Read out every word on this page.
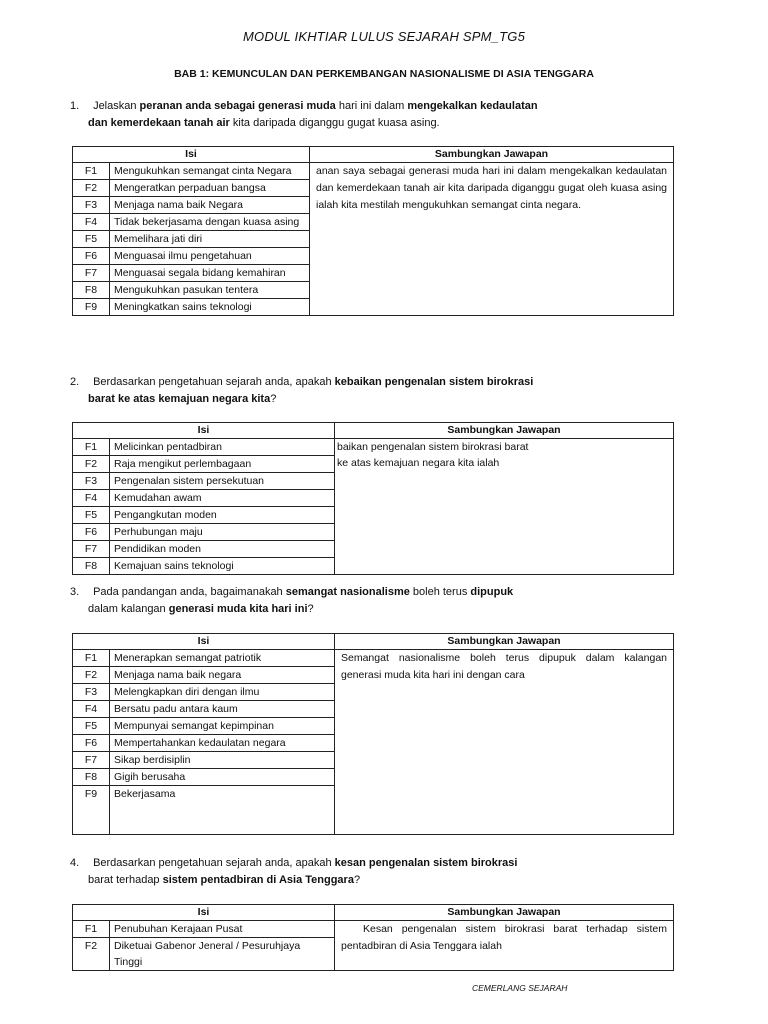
MODUL IKHTIAR LULUS SEJARAH SPM_TG5
BAB 1: KEMUNCULAN DAN PERKEMBANGAN NASIONALISME DI ASIA TENGGARA
1. Jelaskan peranan anda sebagai generasi muda hari ini dalam mengekalkan kedaulatan
dan kemerdekaan tanah air kita daripada diganggu gugat kuasa asing.
Isi		Sambungkan Jawapan
F1	Mengukuhkan semangat cinta Negara	anan saya sebagai generasi muda hari ini dalam mengekalkan kedaulatan dan kemerdekaan tanah air kita daripada diganggu gugat oleh kuasa asing ialah kita mestilah mengukuhkan semangat cinta negara.

F2	Mengeratkan perpaduan bangsa	
F3	Menjaga nama baik Negara	
F4	Tidak bekerjasama dengan kuasa asing	
F5	Memelihara jati diri	
F6	Menguasai ilmu pengetahuan	
F7	Menguasai segala bidang kemahiran	
F8	Mengukuhkan pasukan tentera	
F9	Meningkatkan sains teknologi	
2. Berdasarkan pengetahuan sejarah anda, apakah kebaikan pengenalan sistem birokrasi
barat ke atas kemajuan negara kita?
Isi		Sambungkan Jawapan
F1	Melicinkan pentadbiran	baikan pengenalan sistem birokrasi barat
ke atas kemajuan negara kita ialah

F2	Raja mengikut perlembagaan	
F3	Pengenalan sistem persekutuan	
F4	Kemudahan awam	
F5	Pengangkutan moden	
F6	Perhubungan maju	
F7	Pendidikan moden	
F8	Kemajuan sains teknologi	
3. Pada pandangan anda, bagaimanakah semangat nasionalisme boleh terus dipupuk
dalam kalangan generasi muda kita hari ini?
Isi		Sambungkan Jawapan
F1	Menerapkan semangat patriotik	Semangat nasionalisme boleh terus dipupuk dalam kalangan generasi muda kita hari ini dengan cara

F2	Menjaga nama baik negara	
F3	Melengkapkan diri dengan ilmu	
F4	Bersatu padu antara kaum	
F5	Mempunyai semangat kepimpinan	
F6	Mempertahankan kedaulatan negara	
F7	Sikap berdisiplin	
F8	Gigih berusaha	
F9	Bekerjasama	
4. Berdasarkan pengetahuan sejarah anda, apakah kesan pengenalan sistem birokrasi
barat terhadap sistem pentadbiran di Asia Tenggara?
Isi		Sambungkan Jawapan
F1	Penubuhan Kerajaan Pusat	Kesan pengenalan sistem birokrasi barat terhadap sistem pentadbiran di Asia Tenggara ialah

F2	Diketuai Gabenor Jeneral / Pesuruhjaya Tinggi	
CEMERLANG SEJARAH
